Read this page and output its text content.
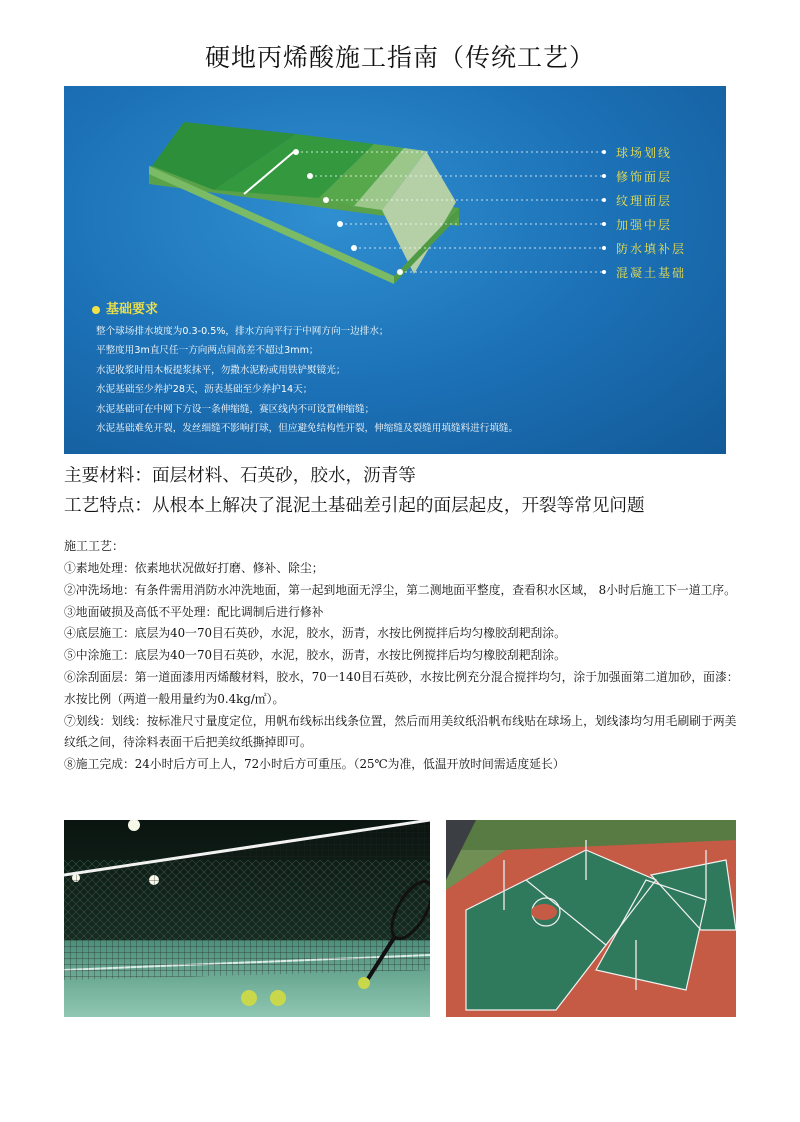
硬地丙烯酸施工指南（传统工艺）
球场划线
修饰面层
纹理面层
加强中层
防水填补层
混凝土基础
基础要求
整个球场排水坡度为0.3-0.5%，排水方向平行于中网方向一边排水；
平整度用3m直尺任一方向两点间高差不超过3mm；
水泥收浆时用木板提浆抹平，勿撒水泥粉或用铁铲熨镜光；
水泥基础至少养护28天，沥表基础至少养护14天；
水泥基础可在中网下方设一条伸缩缝，赛区线内不可设置伸缩缝；
水泥基础难免开裂，发丝细缝不影响打球，但应避免结构性开裂，伸缩缝及裂缝用填缝料进行填缝。
主要材料：面层材料、石英砂，胶水，沥青等
工艺特点：从根本上解决了混泥土基础差引起的面层起皮，开裂等常见问题
施工工艺：
①素地处理：依素地状况做好打磨、修补、除尘；
②冲洗场地：有条件需用消防水冲洗地面，第一起到地面无浮尘，第二测地面平整度，查看积水区域， 8小时后施工下一道工序。
③地面破损及高低不平处理：配比调制后进行修补
④底层施工：底层为40一70目石英砂，水泥，胶水，沥青，水按比例搅拌后均匀橡胶刮耙刮涂。
⑤中涂施工：底层为40一70目石英砂，水泥，胶水，沥青，水按比例搅拌后均匀橡胶刮耙刮涂。
⑥涂刮面层：第一道面漆用丙烯酸材料，胶水，70一140目石英砂，水按比例充分混合搅拌均匀，涂于加强面第二道加砂，面漆：水按比例（两道一般用量约为0.4kg/㎡）。
⑦划线：划线：按标准尺寸量度定位，用帆布线标出线条位置，然后而用美纹纸沿帆布线贴在球场上，划线漆均匀用毛刷刷于两美纹纸之间，待涂料表面干后把美纹纸撕掉即可。
⑧施工完成：24小时后方可上人，72小时后方可重压。（25℃为准，低温开放时间需适度延长）
